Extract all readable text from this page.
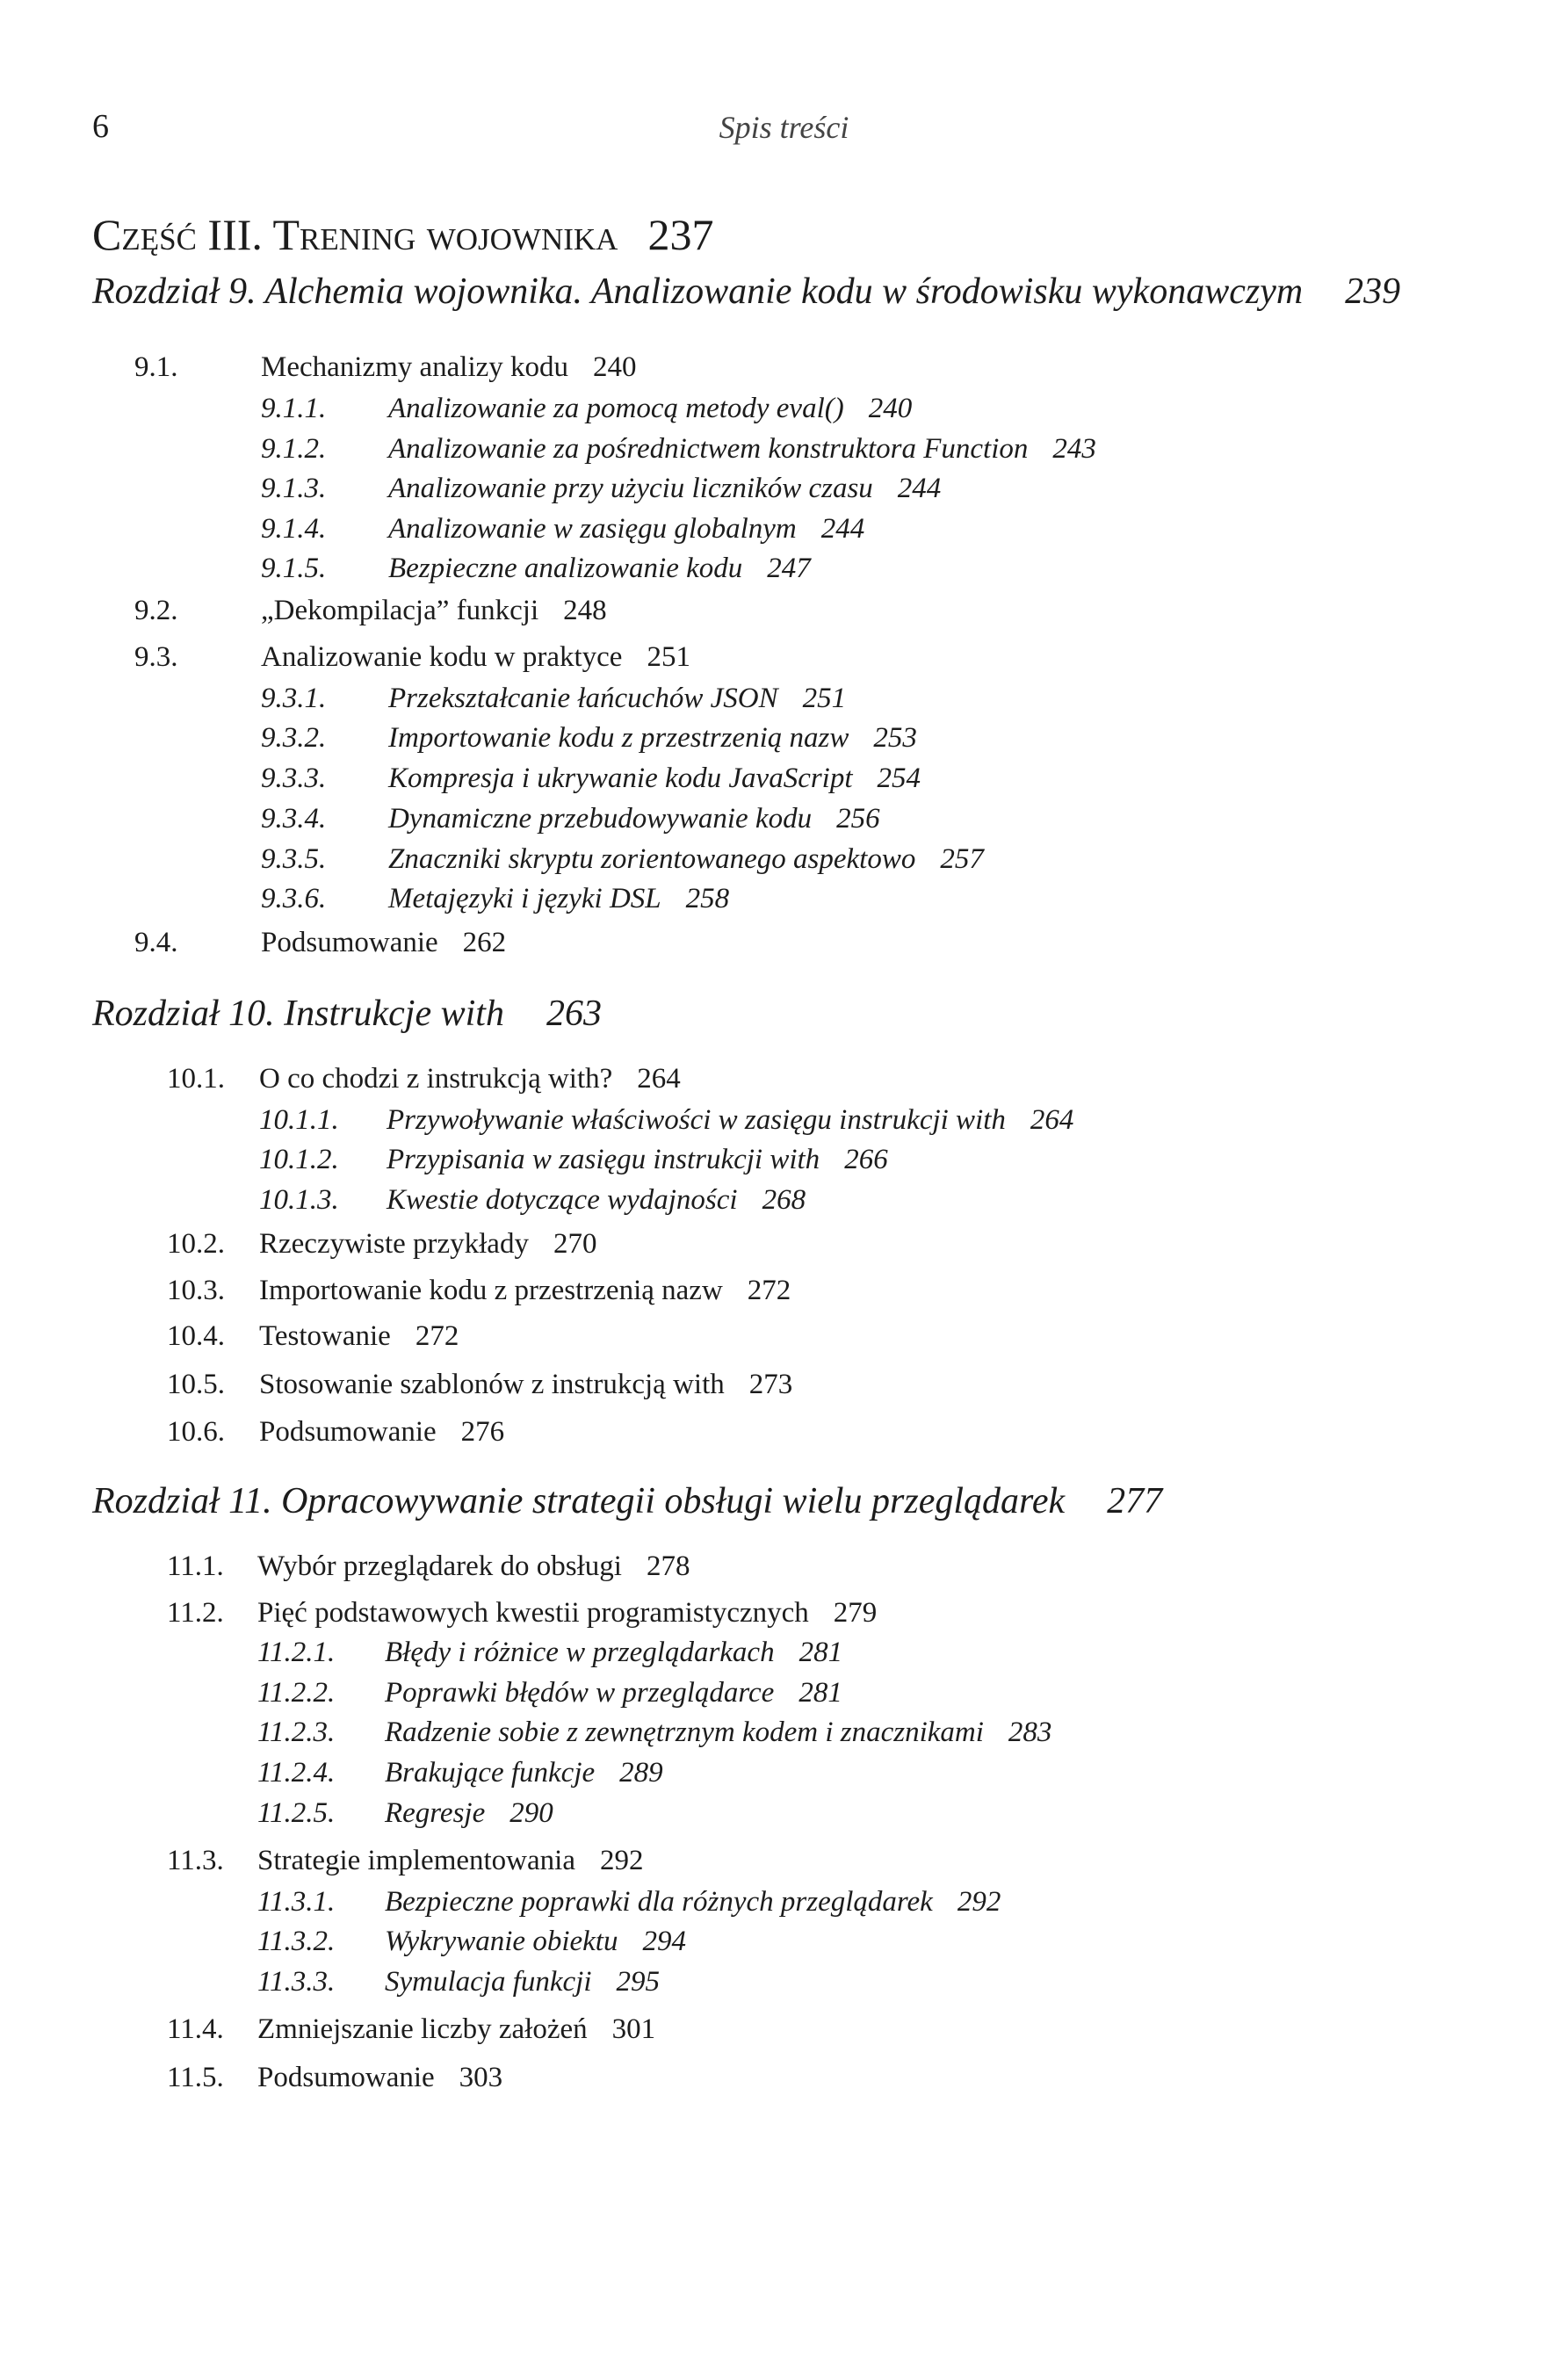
6	Spis treści
Część III. Trening wojownika 237
Rozdział 9. Alchemia wojownika. Analizowanie kodu w środowisku wykonawczym 239
9.1.	Mechanizmy analizy kodu 240
9.1.1. Analizowanie za pomocą metody eval() 240
9.1.2. Analizowanie za pośrednictwem konstruktora Function 243
9.1.3. Analizowanie przy użyciu liczników czasu 244
9.1.4. Analizowanie w zasięgu globalnym 244
9.1.5. Bezpieczne analizowanie kodu 247
9.2.	„Dekompilacja” funkcji 248
9.3.	Analizowanie kodu w praktyce 251
9.3.1. Przekształcanie łańcuchów JSON 251
9.3.2. Importowanie kodu z przestrzenią nazw 253
9.3.3. Kompresja i ukrywanie kodu JavaScript 254
9.3.4. Dynamiczne przebudowywanie kodu 256
9.3.5. Znaczniki skryptu zorientowanego aspektowo 257
9.3.6. Metajęzyki i języki DSL 258
9.4.	Podsumowanie 262
Rozdział 10. Instrukcje with 263
10.1. O co chodzi z instrukcją with? 264
10.1.1. Przywoływanie właściwości w zasięgu instrukcji with 264
10.1.2. Przypisania w zasięgu instrukcji with 266
10.1.3. Kwestie dotyczące wydajności 268
10.2. Rzeczywiste przykłady 270
10.3. Importowanie kodu z przestrzenią nazw 272
10.4. Testowanie 272
10.5. Stosowanie szablonów z instrukcją with 273
10.6. Podsumowanie 276
Rozdział 11. Opracowywanie strategii obsługi wielu przeglądarek 277
11.1. Wybór przeglądarek do obsługi 278
11.2. Pięć podstawowych kwestii programistycznych 279
11.2.1. Błędy i różnice w przeglądarkach 281
11.2.2. Poprawki błędów w przeglądarce 281
11.2.3. Radzenie sobie z zewnętrznym kodem i znacznikami 283
11.2.4. Brakujące funkcje 289
11.2.5. Regresje 290
11.3. Strategie implementowania 292
11.3.1. Bezpieczne poprawki dla różnych przeglądarek 292
11.3.2. Wykrywanie obiektu 294
11.3.3. Symulacja funkcji 295
11.4. Zmniejszanie liczby założeń 301
11.5. Podsumowanie 303
